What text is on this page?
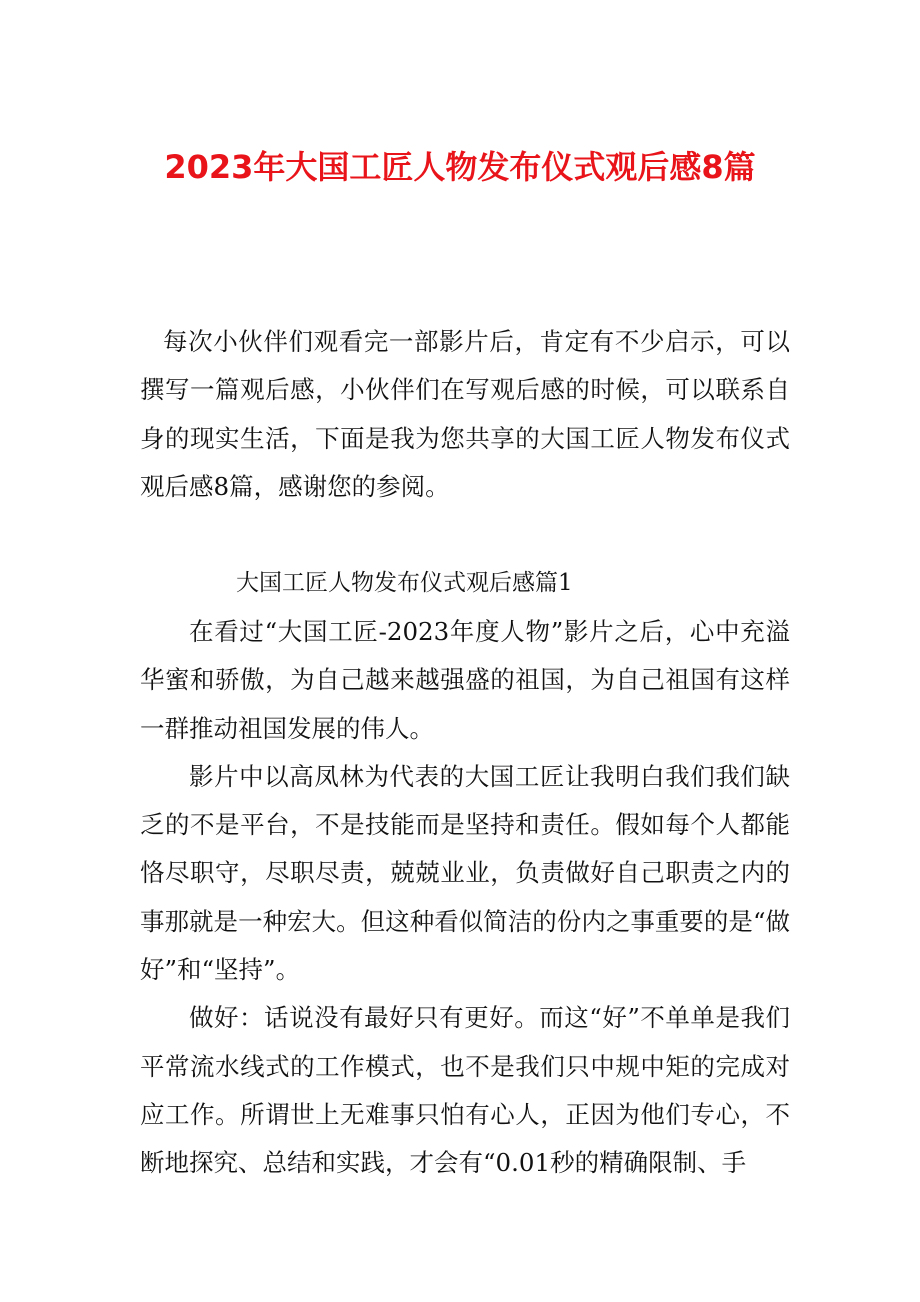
2023年大国工匠人物发布仪式观后感8篇

每次小伙伴们观看完一部影片后，肯定有不少启示，可以撰写一篇观后感，小伙伴们在写观后感的时候，可以联系自身的现实生活，下面是我为您共享的大国工匠人物发布仪式观后感8篇，感谢您的参阅。

大国工匠人物发布仪式观后感篇1

在看过“大国工匠-2023年度人物”影片之后，心中充溢华蜜和骄傲，为自己越来越强盛的祖国，为自己祖国有这样一群推动祖国发展的伟人。

影片中以高凤林为代表的大国工匠让我明白我们我们缺乏的不是平台，不是技能而是坚持和责任。假如每个人都能恪尽职守，尽职尽责，兢兢业业，负责做好自己职责之内的事那就是一种宏大。但这种看似简洁的份内之事重要的是“做好”和“坚持”。

做好：话说没有最好只有更好。而这“好”不单单是我们平常流水线式的工作模式，也不是我们只中规中矩的完成对应工作。所谓世上无难事只怕有心人，正因为他们专心，不断地探究、总结和实践，才会有“0.01秒的精确限制、手
